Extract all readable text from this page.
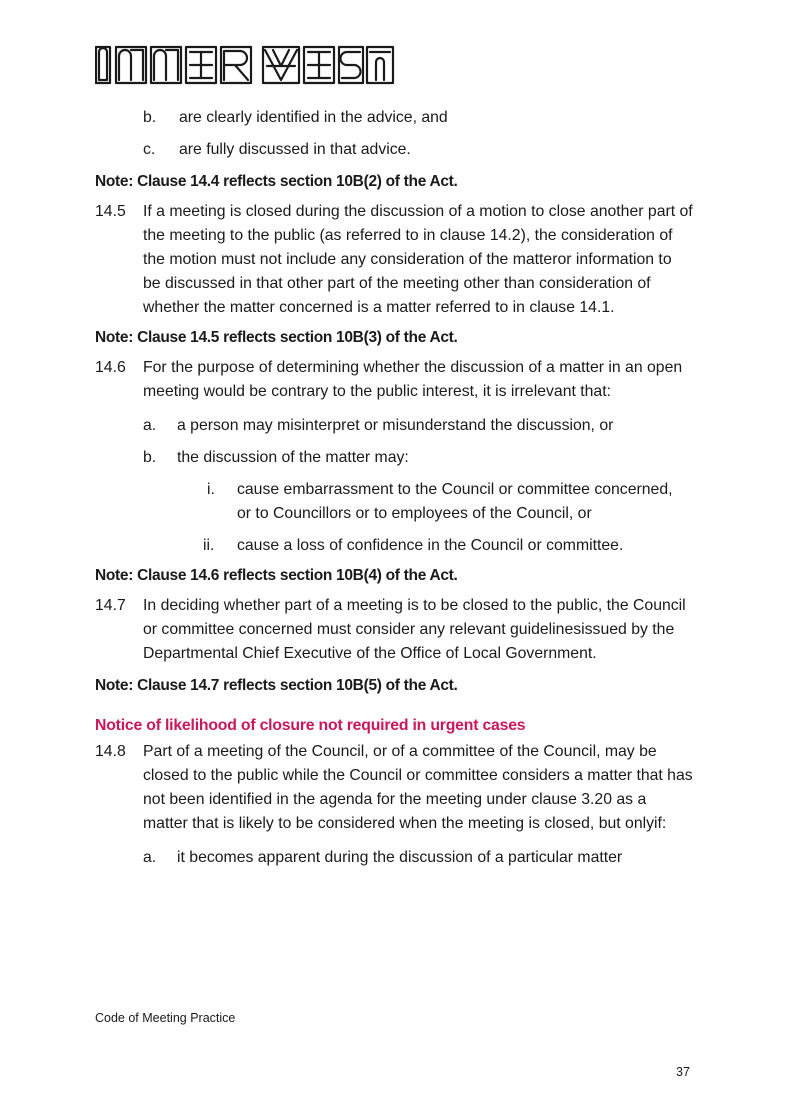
b. are clearly identified in the advice, and
c. are fully discussed in that advice.
Note: Clause 14.4 reflects section 10B(2) of the Act.
14.5 If a meeting is closed during the discussion of a motion to close another part of the meeting to the public (as referred to in clause 14.2), the consideration of the motion must not include any consideration of the matteror information to be discussed in that other part of the meeting other than consideration of whether the matter concerned is a matter referred to in clause 14.1.
Note: Clause 14.5 reflects section 10B(3) of the Act.
14.6 For the purpose of determining whether the discussion of a matter in an open meeting would be contrary to the public interest, it is irrelevant that:
a. a person may misinterpret or misunderstand the discussion, or
b. the discussion of the matter may:
i. cause embarrassment to the Council or committee concerned, or to Councillors or to employees of the Council, or
ii. cause a loss of confidence in the Council or committee.
Note: Clause 14.6 reflects section 10B(4) of the Act.
14.7 In deciding whether part of a meeting is to be closed to the public, the Council or committee concerned must consider any relevant guidelinesissued by the Departmental Chief Executive of the Office of Local Government.
Note: Clause 14.7 reflects section 10B(5) of the Act.
Notice of likelihood of closure not required in urgent cases
14.8 Part of a meeting of the Council, or of a committee of the Council, may be closed to the public while the Council or committee considers a matter that has not been identified in the agenda for the meeting under clause 3.20 as a matter that is likely to be considered when the meeting is closed, but onlyif:
a. it becomes apparent during the discussion of a particular matter
Code of Meeting Practice
37
